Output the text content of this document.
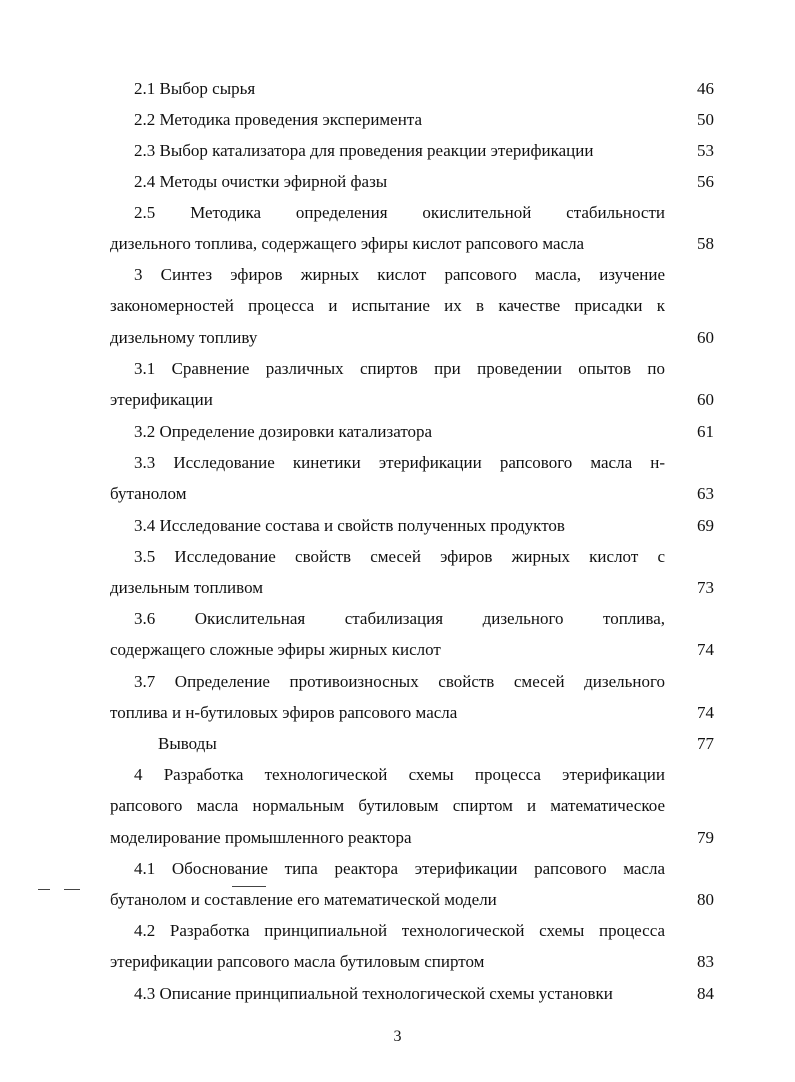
2.1 Выбор сырья	46
2.2 Методика проведения эксперимента	50
2.3 Выбор катализатора для проведения реакции этерификации	53
2.4 Методы очистки эфирной фазы	56
2.5 Методика определения окислительной стабильности
дизельного топлива, содержащего эфиры кислот рапсового масла	58
3 Синтез эфиров жирных кислот рапсового масла, изучение
закономерностей процесса и испытание их в качестве присадки к
дизельному топливу	60
3.1 Сравнение различных спиртов при проведении опытов по
этерификации	60
3.2 Определение дозировки катализатора	61
3.3 Исследование кинетики этерификации рапсового масла н-
бутанолом	63
3.4 Исследование состава и свойств полученных продуктов	69
3.5 Исследование свойств смесей эфиров жирных кислот с
дизельным топливом	73
3.6 Окислительная стабилизация дизельного топлива,
содержащего сложные эфиры жирных кислот	74
3.7 Определение противоизносных свойств смесей дизельного
топлива и н-бутиловых эфиров рапсового масла	74
Выводы	77
4 Разработка технологической схемы процесса этерификации
рапсового масла нормальным бутиловым спиртом и математическое
моделирование промышленного реактора	79
4.1 Обоснование типа реактора этерификации рапсового масла
бутанолом и составление его математической модели	80
4.2 Разработка принципиальной технологической схемы процесса
этерификации рапсового масла бутиловым спиртом	83
4.3 Описание принципиальной технологической схемы установки	84
3
